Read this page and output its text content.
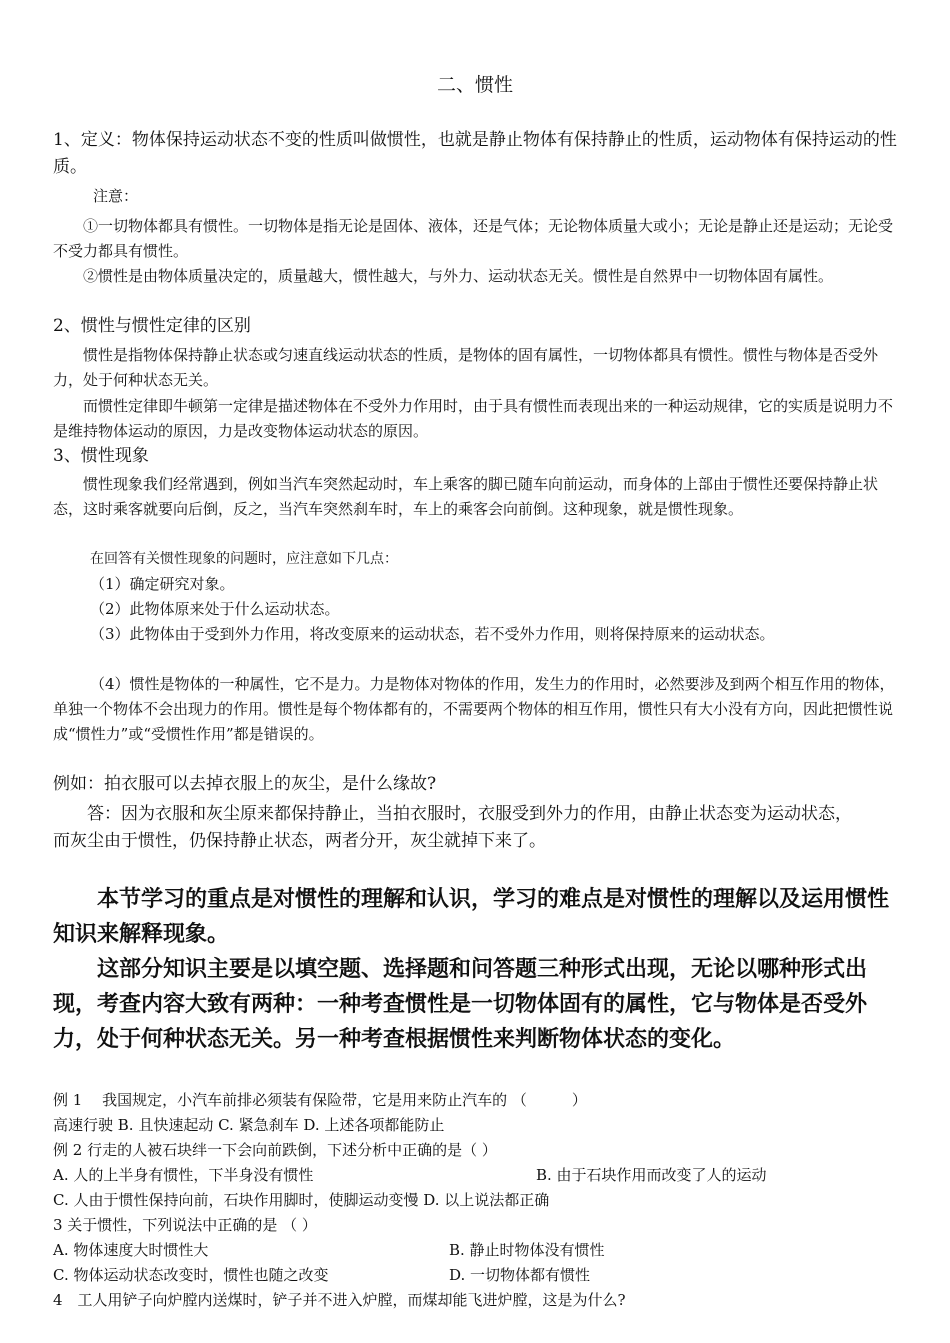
二、惯性
1、定义：物体保持运动状态不变的性质叫做惯性，也就是静止物体有保持静止的性质，运动物体有保持运动的性质。
注意：
①一切物体都具有惯性。一切物体是指无论是固体、液体，还是气体；无论物体质量大或小；无论是静止还是运动；无论受不受力都具有惯性。
②惯性是由物体质量决定的，质量越大，惯性越大，与外力、运动状态无关。惯性是自然界中一切物体固有属性。
2、惯性与惯性定律的区别
惯性是指物体保持静止状态或匀速直线运动状态的性质，是物体的固有属性，一切物体都具有惯性。惯性与物体是否受外力，处于何种状态无关。
而惯性定律即牛顿第一定律是描述物体在不受外力作用时，由于具有惯性而表现出来的一种运动规律，它的实质是说明力不是维持物体运动的原因，力是改变物体运动状态的原因。
3、惯性现象
惯性现象我们经常遇到，例如当汽车突然起动时，车上乘客的脚已随车向前运动，而身体的上部由于惯性还要保持静止状态，这时乘客就要向后倒，反之，当汽车突然刹车时，车上的乘客会向前倒。这种现象，就是惯性现象。
在回答有关惯性现象的问题时，应注意如下几点：
（1）确定研究对象。
（2）此物体原来处于什么运动状态。
（3）此物体由于受到外力作用，将改变原来的运动状态，若不受外力作用，则将保持原来的运动状态。
（4）惯性是物体的一种属性，它不是力。力是物体对物体的作用，发生力的作用时，必然要涉及到两个相互作用的物体，单独一个物体不会出现力的作用。惯性是每个物体都有的，不需要两个物体的相互作用，惯性只有大小没有方向，因此把惯性说成“惯性力”或“受惯性作用”都是错误的。
例如：拍衣服可以去掉衣服上的灰尘，是什么缘故?
答：因为衣服和灰尘原来都保持静止，当拍衣服时，衣服受到外力的作用，由静止状态变为运动状态，而灰尘由于惯性，仍保持静止状态，两者分开，灰尘就掉下来了。
本节学习的重点是对惯性的理解和认识，学习的难点是对惯性的理解以及运用惯性知识来解释现象。
这部分知识主要是以填空题、选择题和问答题三种形式出现，无论以哪种形式出现，考查内容大致有两种：一种考查惯性是一切物体固有的属性，它与物体是否受外力，处于何种状态无关。另一种考查根据惯性来判断物体状态的变化。
例 1　 我国规定，小汽车前排必须装有保险带，它是用来防止汽车的 （　　　）
高速行驶 B. 且快速起动 C. 紧急刹车 D. 上述各项都能防止
例 2 行走的人被石块绊一下会向前跌倒，下述分析中正确的是（ ）
A. 人的上半身有惯性，下半身没有惯性	B. 由于石块作用而改变了人的运动
C. 人由于惯性保持向前，石块作用脚时，使脚运动变慢 D. 以上说法都正确
3 关于惯性，下列说法中正确的是 （ ）
A. 物体速度大时惯性大	B. 静止时物体没有惯性
C. 物体运动状态改变时，惯性也随之改变	D. 一切物体都有惯性
4　工人用铲子向炉膛内送煤时，铲子并不进入炉膛，而煤却能飞进炉膛，这是为什么?
